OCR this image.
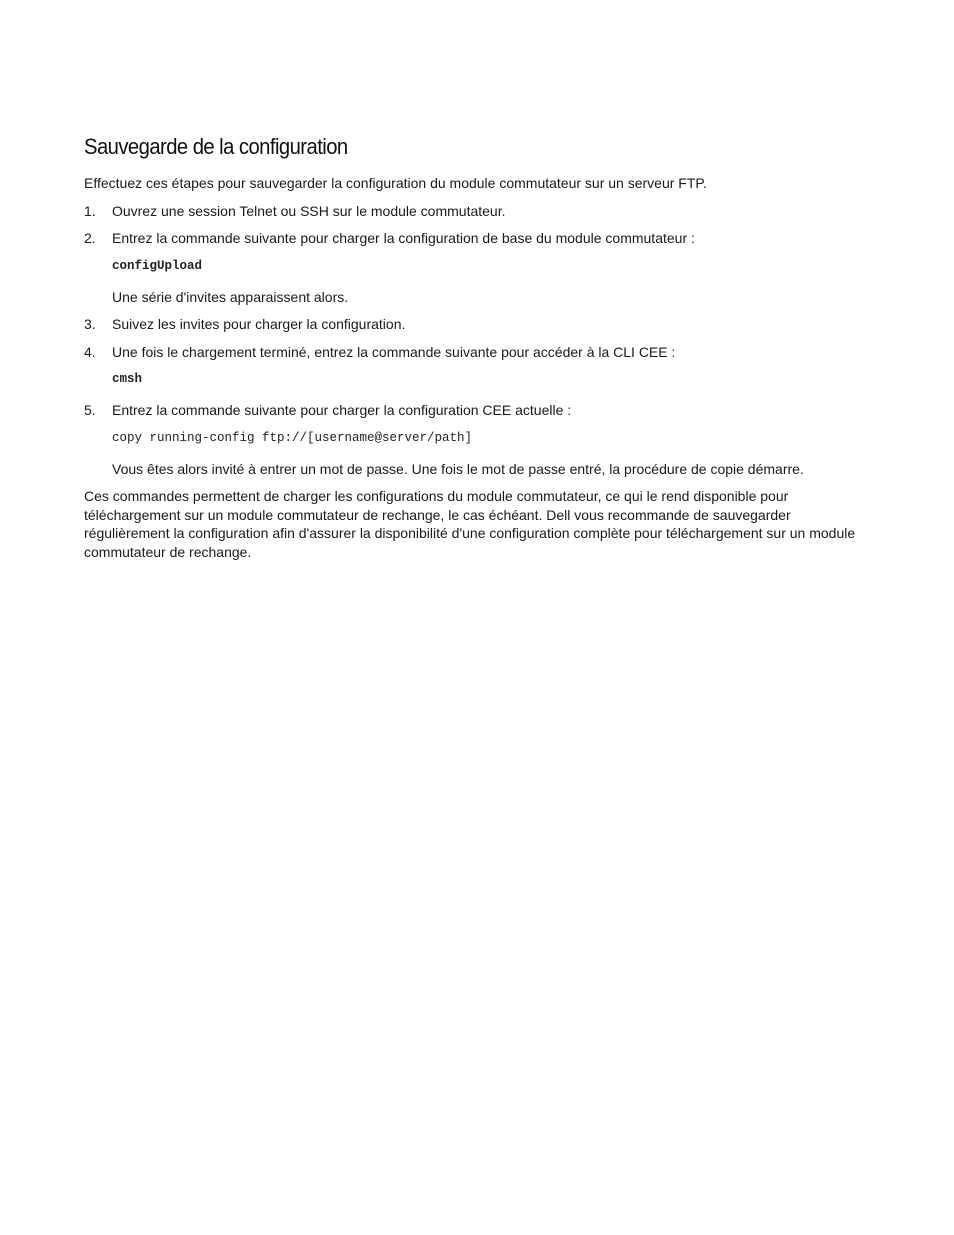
Sauvegarde de la configuration

Effectuez ces étapes pour sauvegarder la configuration du module commutateur sur un serveur FTP.

1. Ouvrez une session Telnet ou SSH sur le module commutateur.

2. Entrez la commande suivante pour charger la configuration de base du module commutateur :

configUpload

Une série d'invites apparaissent alors.

3. Suivez les invites pour charger la configuration.

4. Une fois le chargement terminé, entrez la commande suivante pour accéder à la CLI CEE :

cmsh
5. Entrez la commande suivante pour charger la configuration CEE actuelle :

copy running-config ftp://[username@server/path]

Vous êtes alors invité à entrer un mot de passe. Une fois le mot de passe entré, la procédure de copie démarre.

Ces commandes permettent de charger les configurations du module commutateur, ce qui le rend disponible pour téléchargement sur un module commutateur de rechange, le cas échéant. Dell vous recommande de sauvegarder régulièrement la configuration afin d'assurer la disponibilité d'une configuration complète pour téléchargement sur un module commutateur de rechange.
